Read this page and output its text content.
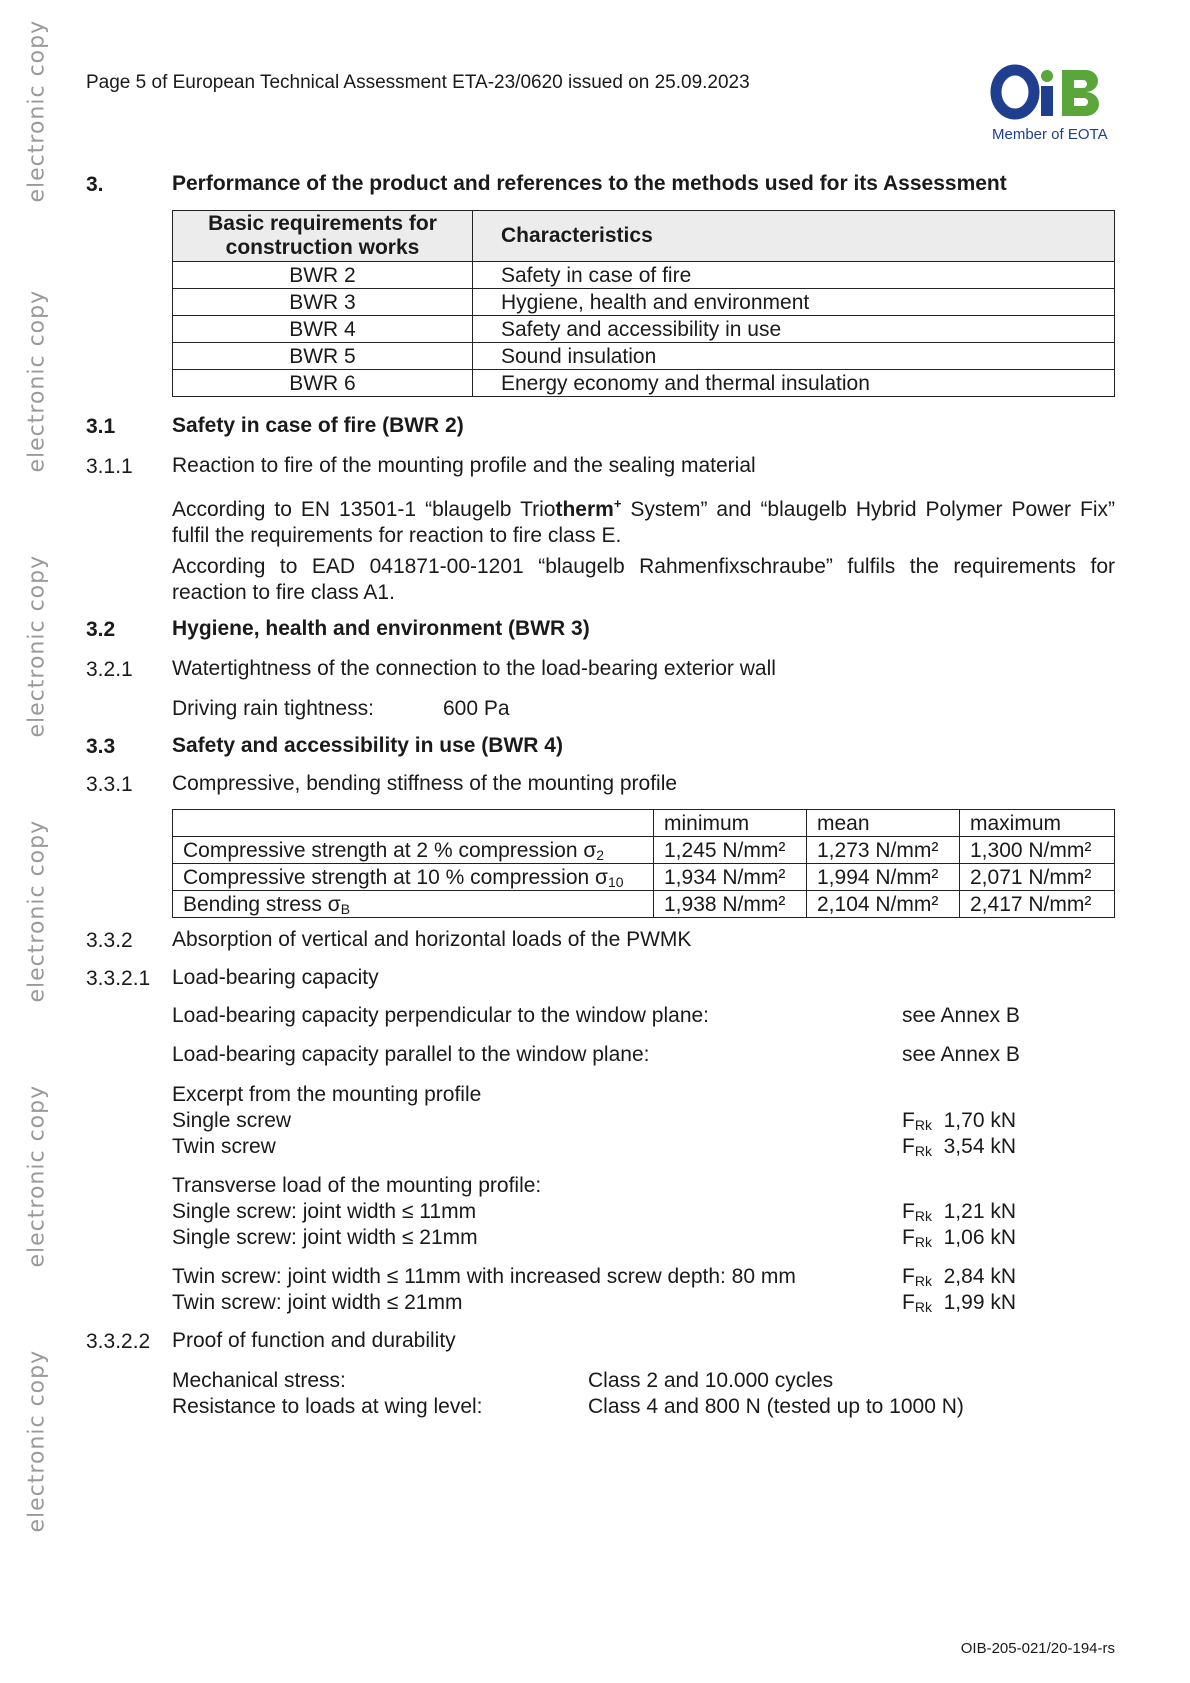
electronic copy
electronic copy
electronic copy
electronic copy
electronic copy
electronic copy
Page 5 of European Technical Assessment ETA-23/0620 issued on 25.09.2023
Member of EOTA
3.	Performance of the product and references to the methods used for its Assessment
Basic requirements for construction works	Characteristics
BWR 2	Safety in case of fire
BWR 3	Hygiene, health and environment
BWR 4	Safety and accessibility in use
BWR 5	Sound insulation
BWR 6	Energy economy and thermal insulation
3.1	Safety in case of fire (BWR 2)
3.1.1 Reaction to fire of the mounting profile and the sealing material
According to EN 13501-1 “blaugelb Triotherm+ System” and “blaugelb Hybrid Polymer Power Fix” fulfil the requirements for reaction to fire class E.
According to EAD 041871-00-1201 “blaugelb Rahmenfixschraube” fulfils the requirements for reaction to fire class A1.
3.2	Hygiene, health and environment (BWR 3)
3.2.1 Watertightness of the connection to the load-bearing exterior wall
Driving rain tightness:	600 Pa
3.3	Safety and accessibility in use (BWR 4)
3.3.1 Compressive, bending stiffness of the mounting profile
	minimum	mean	maximum
Compressive strength at 2 % compression $\sigma_2$	1,245 N/mm²	1,273 N/mm²	1,300 N/mm²
Compressive strength at 10 % compression $\sigma_{10}$	1,934 N/mm²	1,994 N/mm²	2,071 N/mm²
Bending stress $\sigma_B$	1,938 N/mm²	2,104 N/mm²	2,417 N/mm²
3.3.2 Absorption of vertical and horizontal loads of the PWMK
3.3.2.1 Load-bearing capacity
Load-bearing capacity perpendicular to the window plane:	see Annex B
Load-bearing capacity parallel to the window plane:	see Annex B
Excerpt from the mounting profile
Single screw	$F_{Rk}$ 1,70 kN
Twin screw	$F_{Rk}$ 3,54 kN
Transverse load of the mounting profile:
Single screw: joint width ≤ 11mm	$F_{Rk}$ 1,21 kN
Single screw: joint width ≤ 21mm	$F_{Rk}$ 1,06 kN
Twin screw: joint width ≤ 11mm with increased screw depth: 80 mm	$F_{Rk}$ 2,84 kN
Twin screw: joint width ≤ 21mm	$F_{Rk}$ 1,99 kN
3.3.2.2 Proof of function and durability
Mechanical stress:	Class 2 and 10.000 cycles
Resistance to loads at wing level:	Class 4 and 800 N (tested up to 1000 N)
OIB-205-021/20-194-rs
